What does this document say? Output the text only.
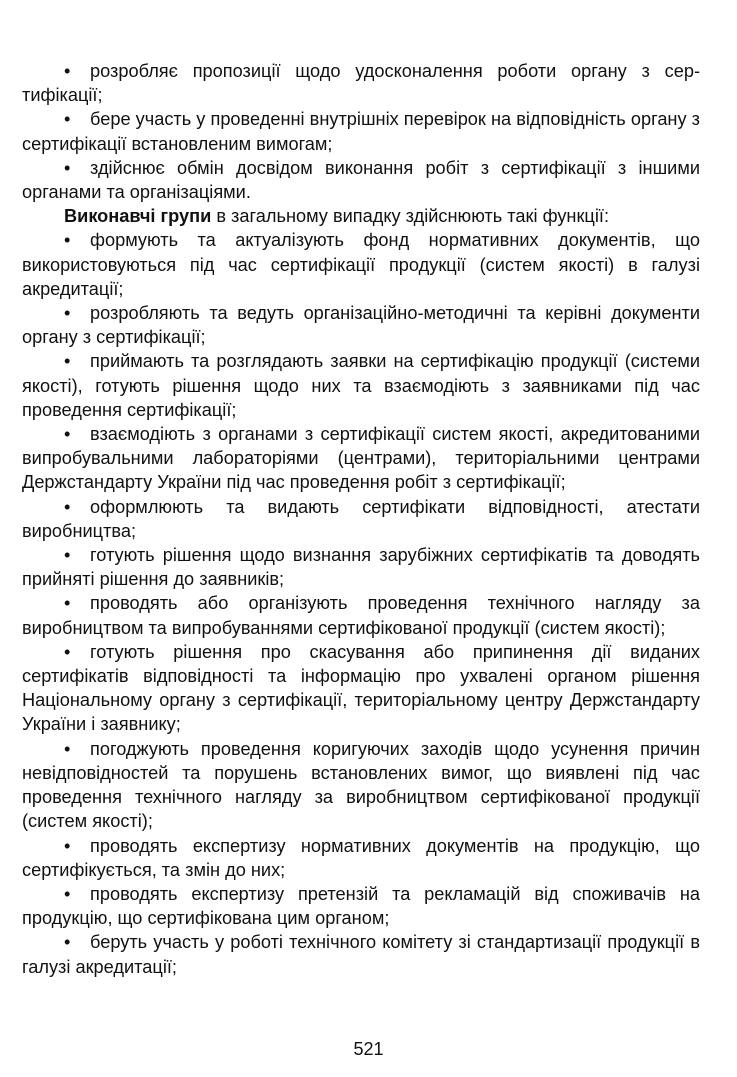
• розробляє пропозиції щодо удосконалення роботи органу з сертифікації;

• бере участь у проведенні внутрішніх перевірок на відповідність органу з сертифікації встановленим вимогам;

• здійснює обмін досвідом виконання робіт з сертифікації з іншими органами та організаціями.

Виконавчі групи в загальному випадку здійснюють такі функції:

• формують та актуалізують фонд нормативних документів, що використовуються під час сертифікації продукції (систем якості) в галузі акредитації;

• розробляють та ведуть організаційно-методичні та керівні документи органу з сертифікації;

• приймають та розглядають заявки на сертифікацію продукції (системи якості), готують рішення щодо них та взаємодіють з заявниками під час проведення сертифікації;

• взаємодіють з органами з сертифікації систем якості, акредитованими випробувальними лабораторіями (центрами), територіальними центрами Держстандарту України під час проведення робіт з сертифікації;

• оформлюють та видають сертифікати відповідності, атестати виробництва;

• готують рішення щодо визнання зарубіжних сертифікатів та доводять прийняті рішення до заявників;

• проводять або організують проведення технічного нагляду за виробництвом та випробуваннями сертифікованої продукції (систем якості);

• готують рішення про скасування або припинення дії виданих сертифікатів відповідності та інформацію про ухвалені органом рішення Національному органу з сертифікації, територіальному центру Держстандарту України і заявнику;

• погоджують проведення коригуючих заходів щодо усунення причин невідповідностей та порушень встановлених вимог, що виявлені під час проведення технічного нагляду за виробництвом сертифікованої продукції (систем якості);

• проводять експертизу нормативних документів на продукцію, що сертифікується, та змін до них;

• проводять експертизу претензій та рекламацій від споживачів на продукцію, що сертифікована цим органом;

• беруть участь у роботі технічного комітету зі стандартизації продукції в галузі акредитації;

521
